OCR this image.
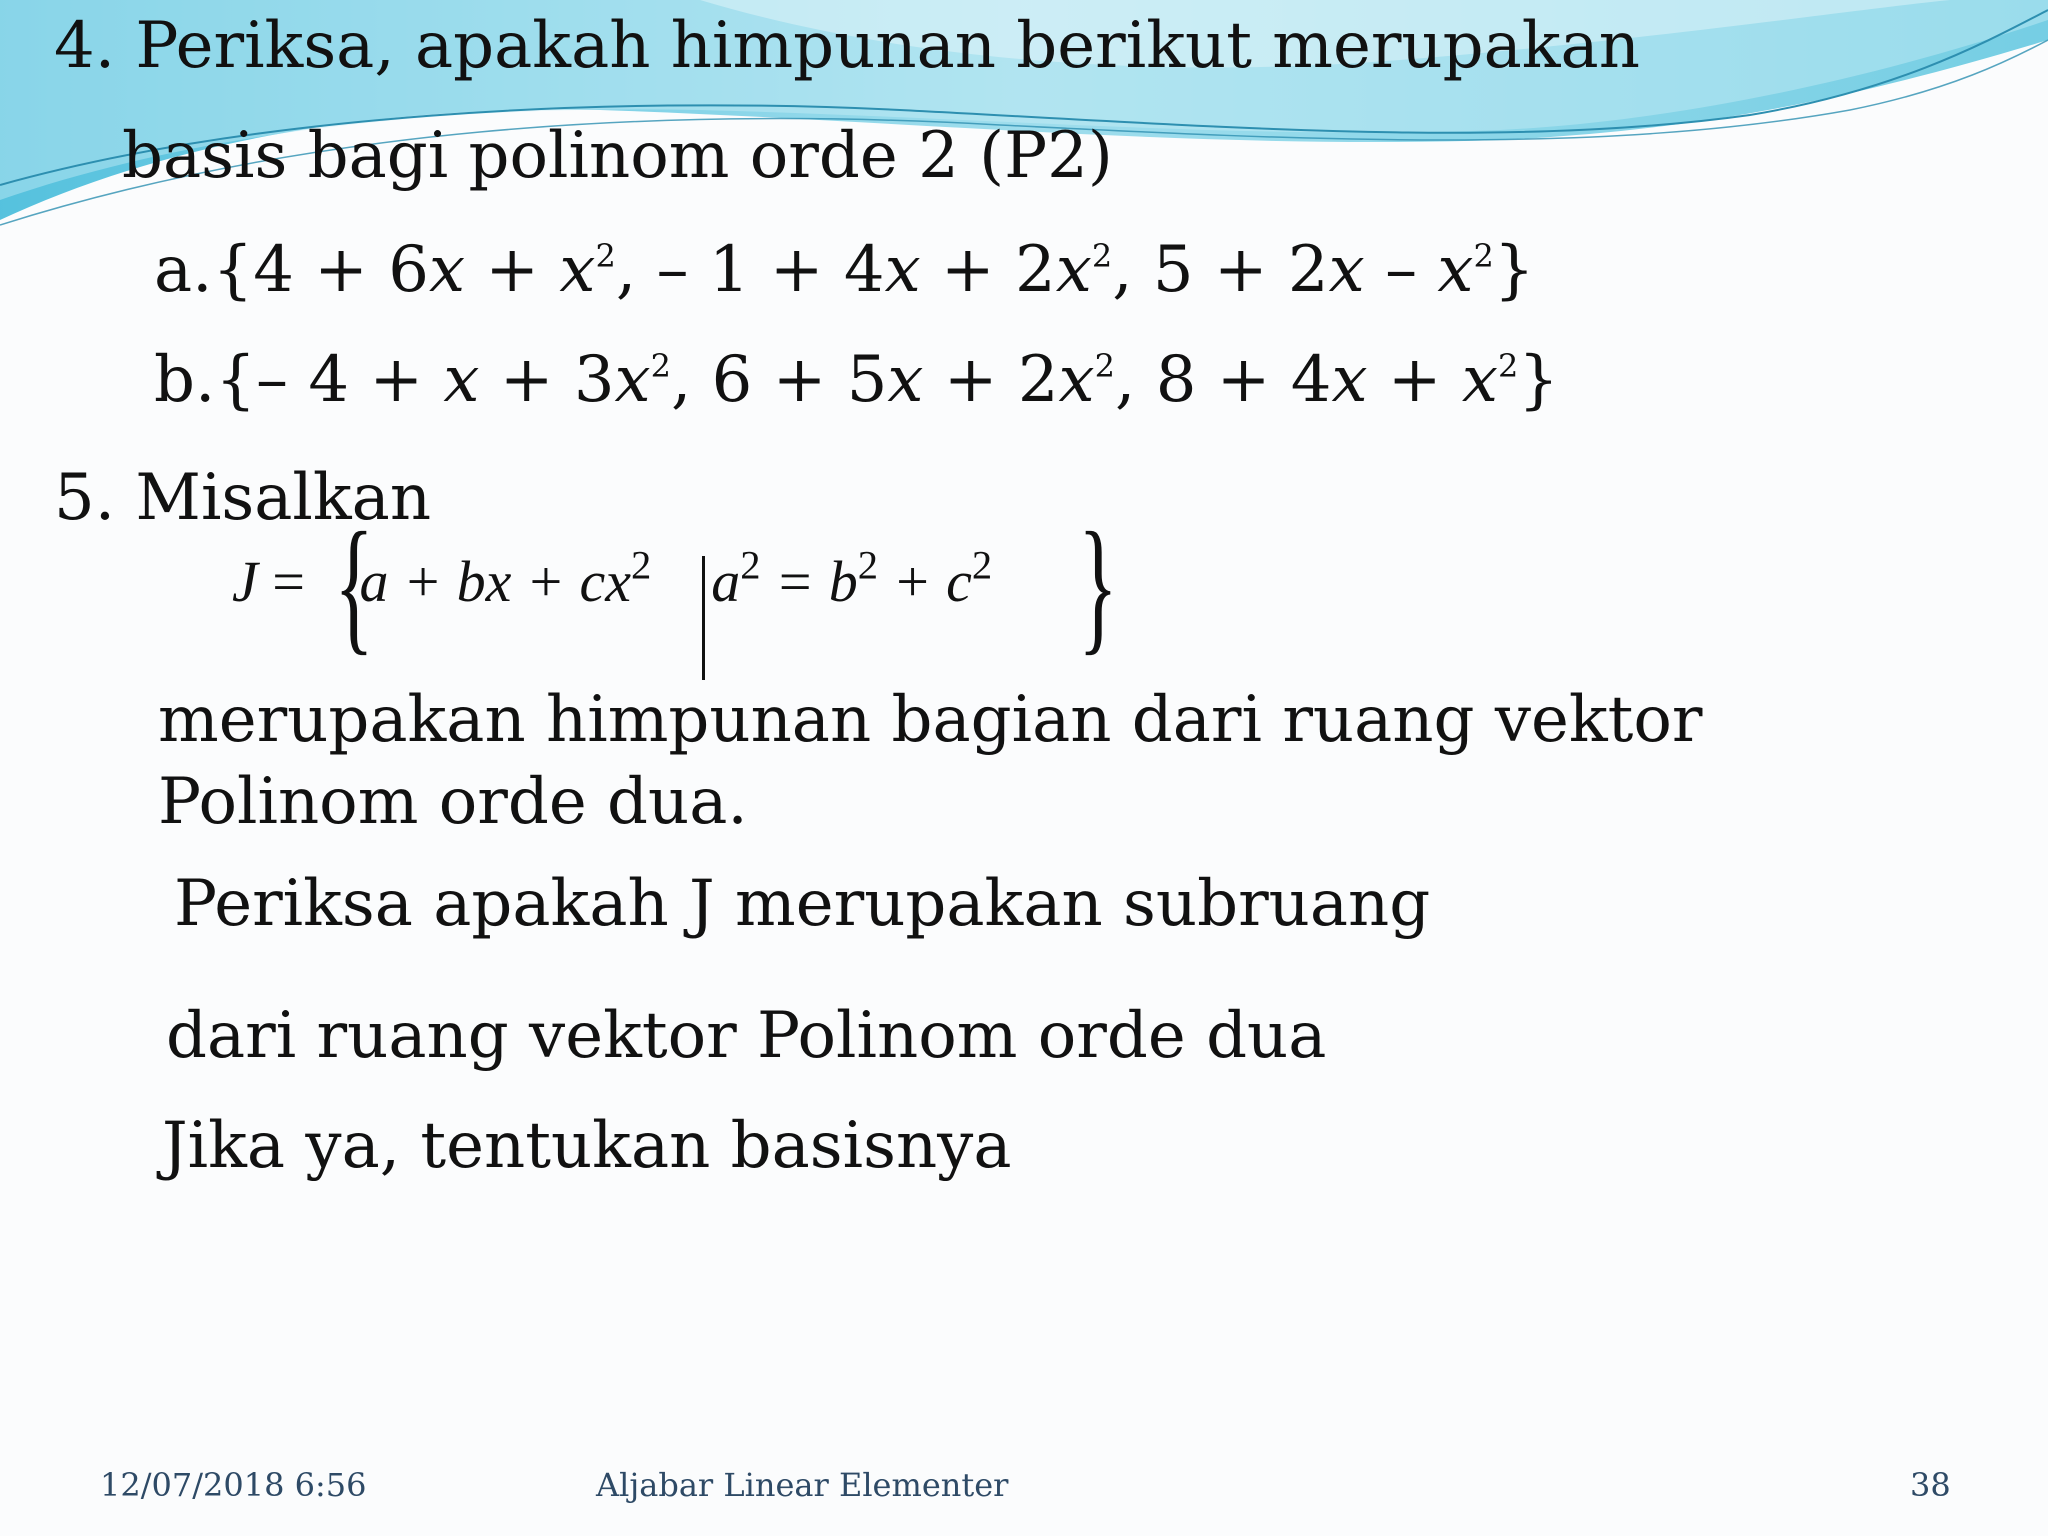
4. Periksa, apakah himpunan berikut merupakan
basis bagi polinom orde 2 (P2)
$a.\{4 + 6x + x^2$, – $1 + 4x + 2x^2$, $5 + 2x - x^2$}
b.{– $4 + x + 3x^2$, $6 + 5x + 2x^2$, $8 + 4x + x^2$}
5. Misalkan
J = {
a + bx + $cx^2$ $a^2 = b^2 + c^2$ }
merupakan himpunan bagian dari ruang vektor
Polinom orde dua.
Periksa apakah J merupakan subruang
dari ruang vektor Polinom orde dua
Jika ya, tentukan basisnya
12/07/2018 6:56	Aljabar Linear Elementer	38
